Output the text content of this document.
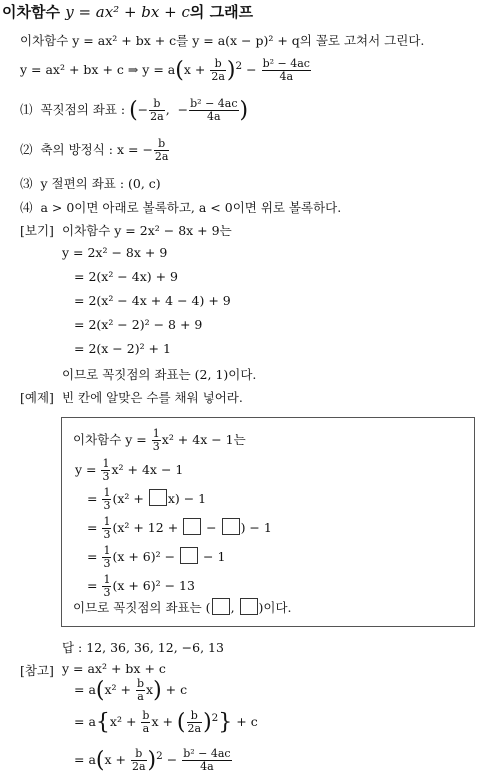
이차함수 y = ax² + bx + c의 그래프
이차함수 y = ax² + bx + c를 y = a(x − p)² + q의 꼴로 고쳐서 그린다.
y = ax² + bx + c ⇒ $y = a(x + \frac{b}{2a} )^2 - \frac{\text{b² − 4ac}}{4a}$
⑴ 꼭짓점의 좌표 : (− $\frac{b}{2a}$ , − $\frac{\text{b² − 4ac}}{4a}$ )
⑵ 축의 방정식 : x = − $\frac{b}{2a}$
⑶ y 절편의 좌표 : (0, c)
⑷ a > 0이면 아래로 볼록하고, a < 0이면 위로 볼록하다.
[보기] 이차함수 y = 2x² − 8x + 9는
y = 2x² − 8x + 9
= 2(x² − 4x) + 9
= 2(x² − 4x + 4 − 4) + 9
= 2(x² − 2)² − 8 + 9
= 2(x − 2)² + 1
이므로 꼭짓점의 좌표는 (2, 1)이다.
[예제] 빈 칸에 알맞은 수를 채워 넣어라.
이차함수 $y = \frac{1}{3} x^2 + 4x - 1$는
$y = \frac{1}{3} x^2 + 4x - 1$
= $\frac{1}{3} (x^2 + x) - 1$
= $\frac{1}{3} (x^2 + 12$ +  − ) − 1
= $\frac{1}{3} (x + 6)^2$ −  − 1
= $\frac{1}{3} (x + 6)^2 - 13$
이므로 꼭짓점의 좌표는 ( , )이다.
답 : 12, 36, 36, 12, −6, 13
[참고] y = ax² + bx + c
= $a(x^2 + \frac{b}{a} x) + c$
= $a\{x^2 + \frac{b}{a}$ x + ( $\frac{b}{2a} )^2\} + c$
= $a(x + \frac{b}{2a} )^2 - \frac{\text{b² − 4ac}}{4a}$
